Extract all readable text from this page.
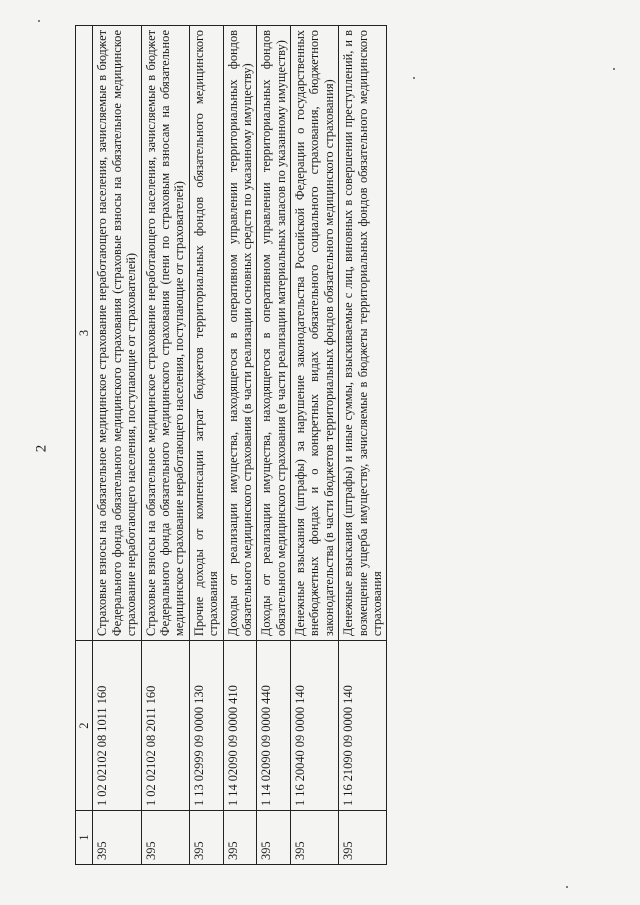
2
1	2	3
395	1 02 02102 08 1011 160	Страховые взносы на обязательное медицинское страхование неработающего населения, зачисляемые в бюджет Федерального фонда обязательного медицинского страхования (страховые взносы на обязательное медицинское страхование неработающего населения, поступающие от страхователей)
395	1 02 02102 08 2011 160	Страховые взносы на обязательное медицинское страхование неработающего населения, зачисляемые в бюджет Федерального фонда обязательного медицинского страхования (пени по страховым взносам на обязательное медицинское страхование неработающего населения, поступающие от страхователей)
395	1 13 02999 09 0000 130	Прочие доходы от компенсации затрат бюджетов территориальных фондов обязательного медицинского страхования
395	1 14 02090 09 0000 410	Доходы от реализации имущества, находящегося в оперативном управлении территориальных фондов обязательного медицинского страхования (в части реализации основных средств по указанному имуществу)
395	1 14 02090 09 0000 440	Доходы от реализации имущества, находящегося в оперативном управлении территориальных фондов обязательного медицинского страхования (в части реализации материальных запасов по указанному имуществу)
395	1 16 20040 09 0000 140	Денежные взыскания (штрафы) за нарушение законодательства Российской Федерации о государственных внебюджетных фондах и о конкретных видах обязательного социального страхования, бюджетного законодательства (в части бюджетов территориальных фондов обязательного медицинского страхования)
395	1 16 21090 09 0000 140	Денежные взыскания (штрафы) и иные суммы, взыскиваемые с лиц, виновных в совершении преступлений, и в возмещение ущерба имуществу, зачисляемые в бюджеты территориальных фондов обязательного медицинского страхования
